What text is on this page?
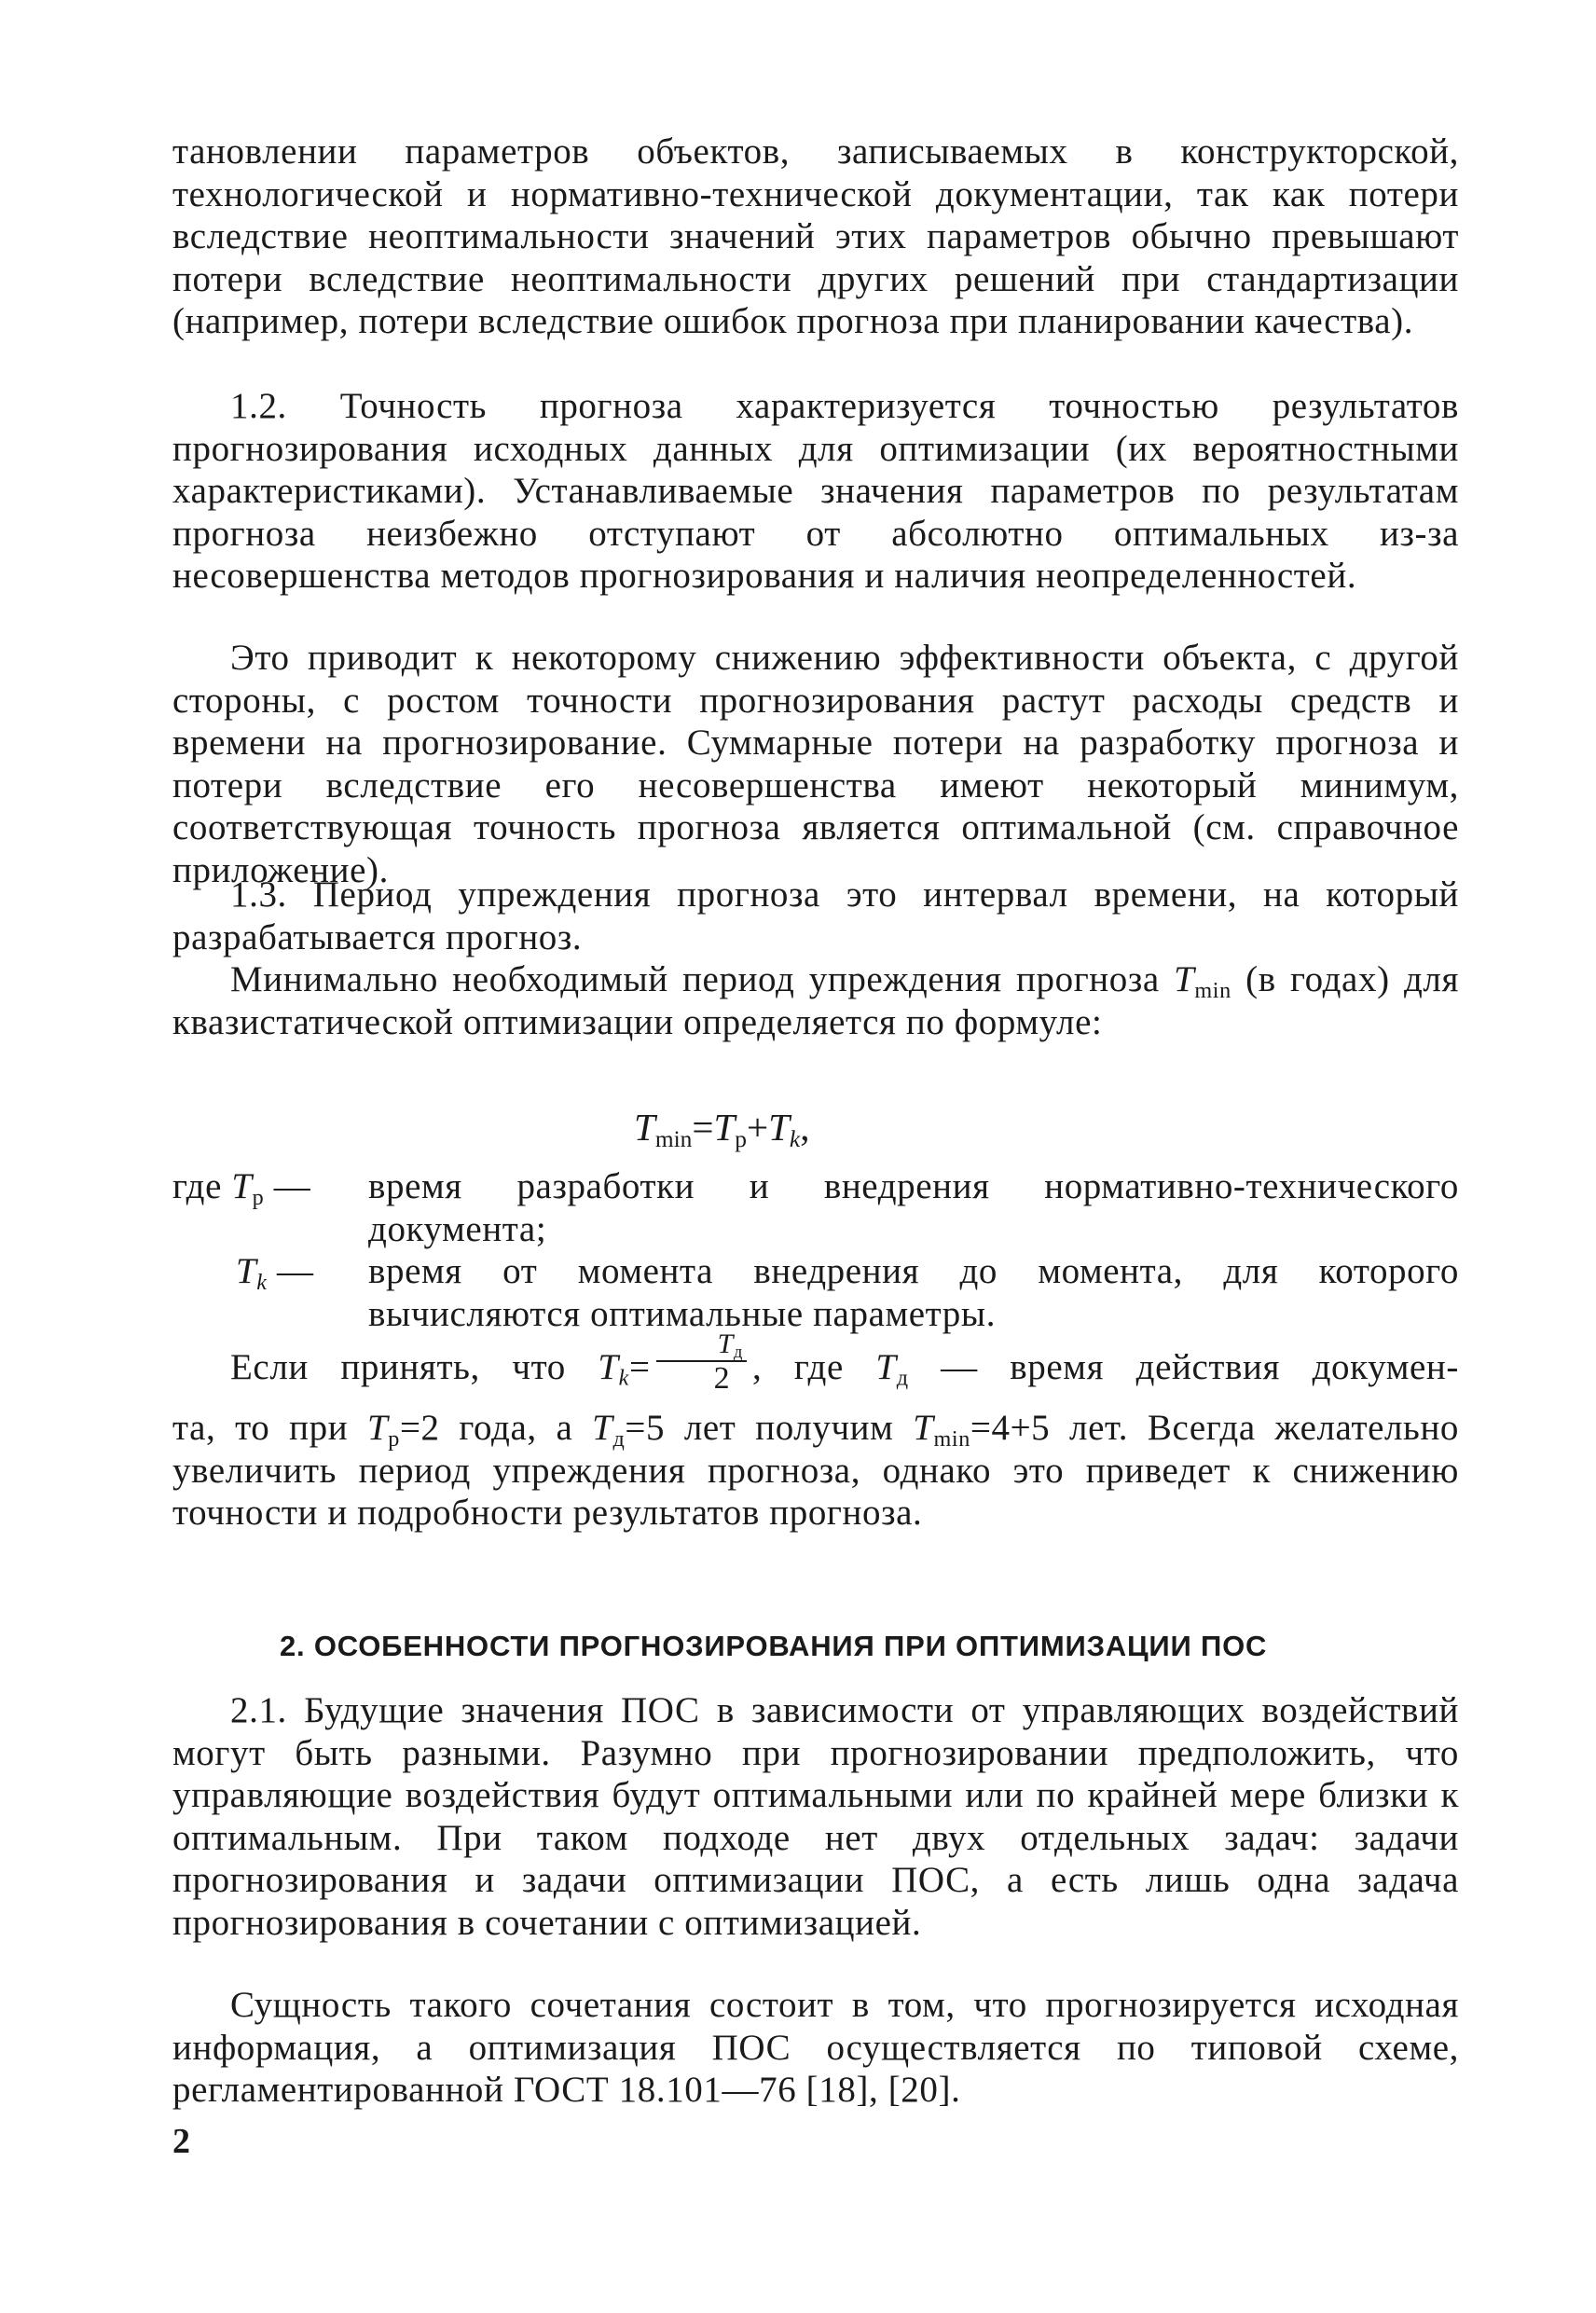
тановлении параметров объектов, записываемых в конструкторской, технологической и нормативно-технической документации, так как потери вследствие неоптимальности значений этих параметров обычно превышают потери вследствие неоптимальности других решений при стандартизации (например, потери вследствие ошибок прогноза при планировании качества).

1.2. Точность прогноза характеризуется точностью результатов прогнозирования исходных данных для оптимизации (их вероятностными характеристиками). Устанавливаемые значения параметров по результатам прогноза неизбежно отступают от абсолютно оптимальных из-за несовершенства методов прогнозирования и наличия неопределенностей.

Это приводит к некоторому снижению эффективности объекта, с другой стороны, с ростом точности прогнозирования растут расходы средств и времени на прогнозирование. Суммарные потери на разработку прогноза и потери вследствие его несовершенства имеют некоторый минимум, соответствующая точность прогноза является оптимальной (см. справочное приложение).

1.3. Период упреждения прогноза это интервал времени, на который разрабатывается прогноз.

Минимально необходимый период упреждения прогноза $T_{min}$ (в годах) для квазистатической оптимизации определяется по формуле:

$T_{min}=T_р+T_k$,
где $T_р$ —	время разработки и внедрения нормативно-технического документа;
$T_k$ —	время от момента внедрения до момента, для которого вычисляются оптимальные параметры.
Если принять, что $T_k= \frac{T_д}{2}$ , где $T_д$ — время действия докумен-

та, то при $T_р=2$ года, а $T_д=5$ лет получим $T_{min}=4+5$ лет. Всегда желательно увеличить период упреждения прогноза, однако это приведет к снижению точности и подробности результатов прогноза.

2. ОСОБЕННОСТИ ПРОГНОЗИРОВАНИЯ ПРИ ОПТИМИЗАЦИИ ПОС

2.1. Будущие значения ПОС в зависимости от управляющих воздействий могут быть разными. Разумно при прогнозировании предположить, что управляющие воздействия будут оптимальными или по крайней мере близки к оптимальным. При таком подходе нет двух отдельных задач: задачи прогнозирования и задачи оптимизации ПОС, а есть лишь одна задача прогнозирования в сочетании с оптимизацией.

Сущность такого сочетания состоит в том, что прогнозируется исходная информация, а оптимизация ПОС осуществляется по типовой схеме, регламентированной ГОСТ 18.101—76 [18], [20].

2
